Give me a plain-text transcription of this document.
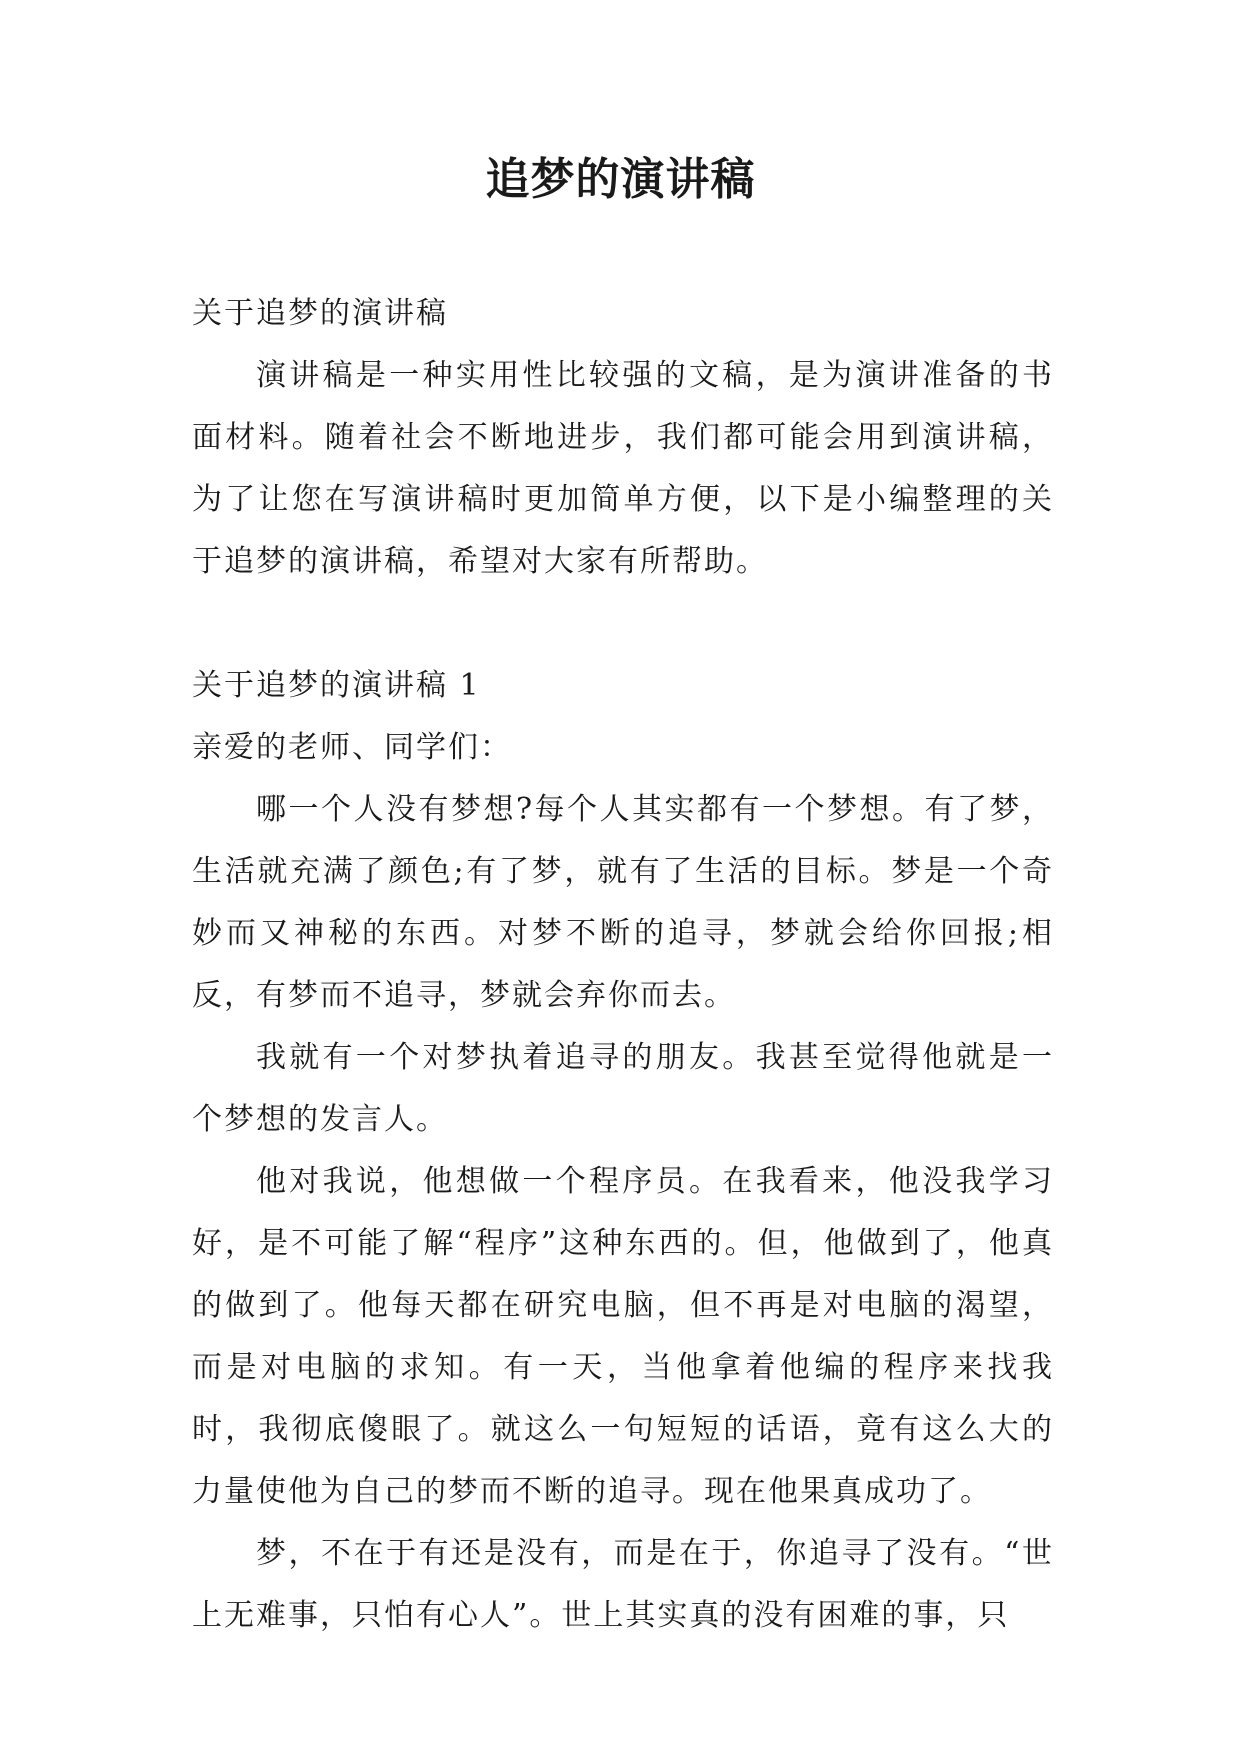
追梦的演讲稿

关于追梦的演讲稿

演讲稿是一种实用性比较强的文稿，是为演讲准备的书面材料。随着社会不断地进步，我们都可能会用到演讲稿，为了让您在写演讲稿时更加简单方便，以下是小编整理的关于追梦的演讲稿，希望对大家有所帮助。

关于追梦的演讲稿 1

亲爱的老师、同学们：

哪一个人没有梦想?每个人其实都有一个梦想。有了梦，生活就充满了颜色;有了梦，就有了生活的目标。梦是一个奇妙而又神秘的东西。对梦不断的追寻，梦就会给你回报;相反，有梦而不追寻，梦就会弃你而去。

我就有一个对梦执着追寻的朋友。我甚至觉得他就是一个梦想的发言人。

他对我说，他想做一个程序员。在我看来，他没我学习好，是不可能了解“程序”这种东西的。但，他做到了，他真的做到了。他每天都在研究电脑，但不再是对电脑的渴望，而是对电脑的求知。有一天，当他拿着他编的程序来找我时，我彻底傻眼了。就这么一句短短的话语，竟有这么大的力量使他为自己的梦而不断的追寻。现在他果真成功了。

梦，不在于有还是没有，而是在于，你追寻了没有。“世上无难事，只怕有心人”。世上其实真的没有困难的事，只
